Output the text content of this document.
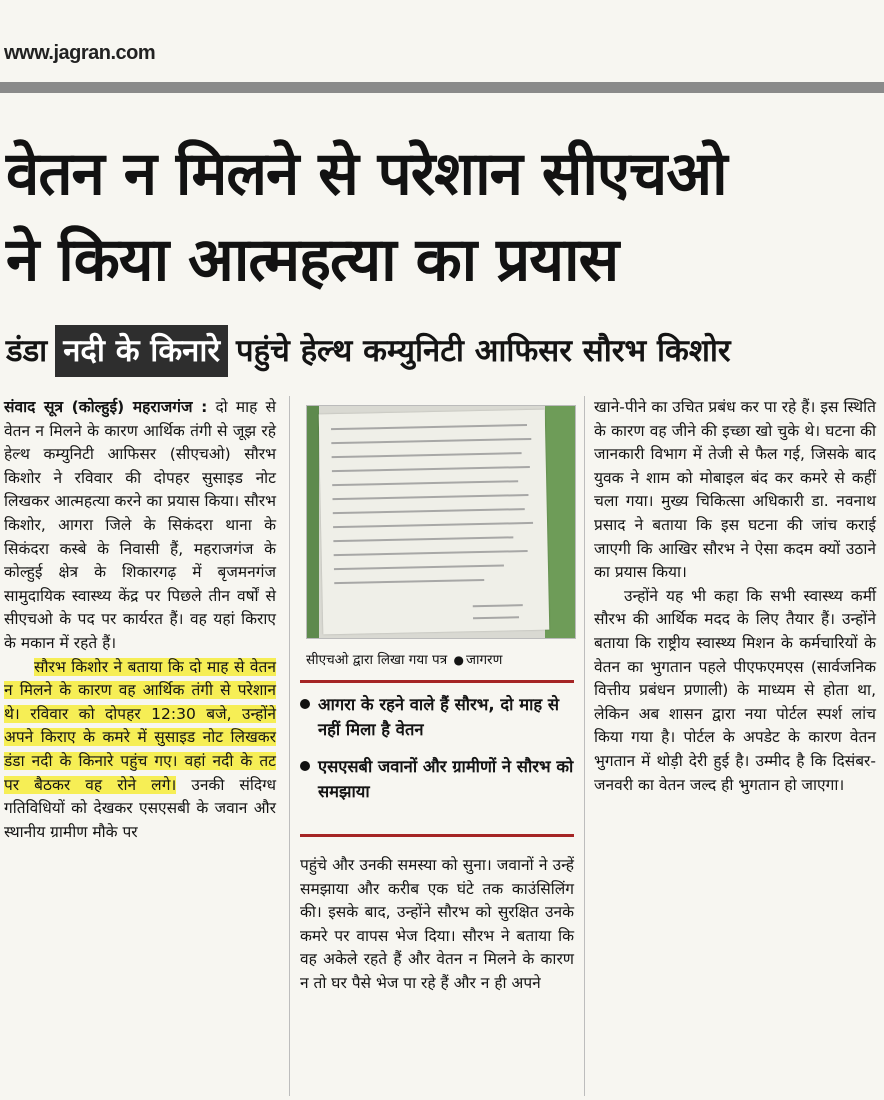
www.jagran.com
वेतन न मिलने से परेशान सीएचओ
ने किया आत्महत्या का प्रयास
डंडा नदी के किनारे पहुंचे हेल्थ कम्युनिटी आफिसर सौरभ किशोर

संवाद सूत्र (कोल्हुई) महराजगंज : दो माह से वेतन न मिलने के कारण आर्थिक तंगी से जूझ रहे हेल्थ कम्युनिटी आफिसर (सीएचओ) सौरभ किशोर ने रविवार की दोपहर सुसाइड नोट लिखकर आत्महत्या करने का प्रयास किया। सौरभ किशोर, आगरा जिले के सिकंदरा थाना के सिकंदरा कस्बे के निवासी हैं, महराजगंज के कोल्हुई क्षेत्र के शिकारगढ़ में बृजमनगंज सामुदायिक स्वास्थ्य केंद्र पर पिछले तीन वर्षों से सीएचओ के पद पर कार्यरत हैं। वह यहां किराए के मकान में रहते हैं।

सौरभ किशोर ने बताया कि दो माह से वेतन न मिलने के कारण वह आर्थिक तंगी से परेशान थे। रविवार को दोपहर 12:30 बजे, उन्होंने अपने किराए के कमरे में सुसाइड नोट लिखकर डंडा नदी के किनारे पहुंच गए। वहां नदी के तट पर बैठकर वह रोने लगे। उनकी संदिग्ध गतिविधियों को देखकर एसएसबी के जवान और स्थानीय ग्रामीण मौके पर

सीएचओ द्वारा लिखा गया पत्र ● जागरण
आगरा के रहने वाले हैं सौरभ, दो माह से नहीं मिला है वेतन
एसएसबी जवानों और ग्रामीणों ने सौरभ को समझाया

पहुंचे और उनकी समस्या को सुना। जवानों ने उन्हें समझाया और करीब एक घंटे तक काउंसिलिंग की। इसके बाद, उन्होंने सौरभ को सुरक्षित उनके कमरे पर वापस भेज दिया। सौरभ ने बताया कि वह अकेले रहते हैं और वेतन न मिलने के कारण न तो घर पैसे भेज पा रहे हैं और न ही अपने

खाने-पीने का उचित प्रबंध कर पा रहे हैं। इस स्थिति के कारण वह जीने की इच्छा खो चुके थे। घटना की जानकारी विभाग में तेजी से फैल गई, जिसके बाद युवक ने शाम को मोबाइल बंद कर कमरे से कहीं चला गया। मुख्य चिकित्सा अधिकारी डा. नवनाथ प्रसाद ने बताया कि इस घटना की जांच कराई जाएगी कि आखिर सौरभ ने ऐसा कदम क्यों उठाने का प्रयास किया।

उन्होंने यह भी कहा कि सभी स्वास्थ्य कर्मी सौरभ की आर्थिक मदद के लिए तैयार हैं। उन्होंने बताया कि राष्ट्रीय स्वास्थ्य मिशन के कर्मचारियों के वेतन का भुगतान पहले पीएफएमएस (सार्वजनिक वित्तीय प्रबंधन प्रणाली) के माध्यम से होता था, लेकिन अब शासन द्वारा नया पोर्टल स्पर्श लांच किया गया है। पोर्टल के अपडेट के कारण वेतन भुगतान में थोड़ी देरी हुई है। उम्मीद है कि दिसंबर-जनवरी का वेतन जल्द ही भुगतान हो जाएगा।
